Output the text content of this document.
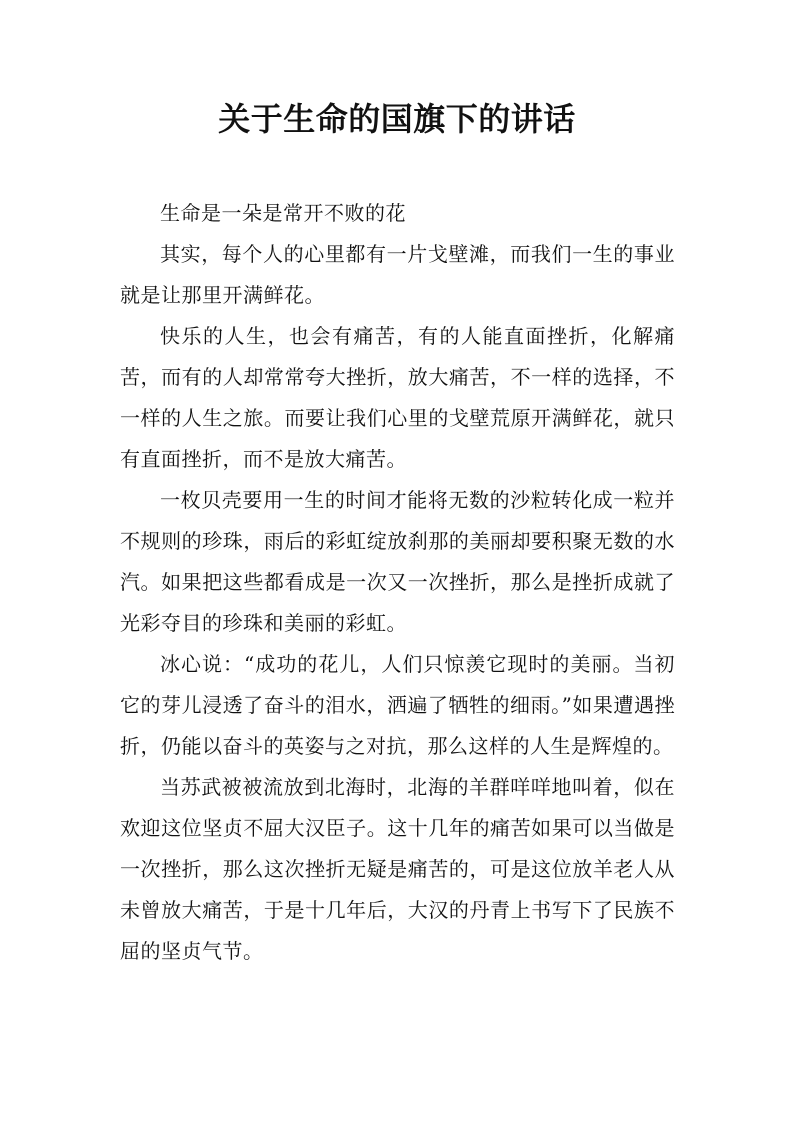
关于生命的国旗下的讲话

生命是一朵是常开不败的花

其实，每个人的心里都有一片戈壁滩，而我们一生的事业就是让那里开满鲜花。

快乐的人生，也会有痛苦，有的人能直面挫折，化解痛苦，而有的人却常常夸大挫折，放大痛苦，不一样的选择，不一样的人生之旅。而要让我们心里的戈壁荒原开满鲜花，就只有直面挫折，而不是放大痛苦。

一枚贝壳要用一生的时间才能将无数的沙粒转化成一粒并不规则的珍珠，雨后的彩虹绽放刹那的美丽却要积聚无数的水汽。如果把这些都看成是一次又一次挫折，那么是挫折成就了光彩夺目的珍珠和美丽的彩虹。

冰心说：“成功的花儿，人们只惊羡它现时的美丽。当初它的芽儿浸透了奋斗的泪水，洒遍了牺牲的细雨。”如果遭遇挫折，仍能以奋斗的英姿与之对抗，那么这样的人生是辉煌的。

当苏武被被流放到北海时，北海的羊群咩咩地叫着，似在欢迎这位坚贞不屈大汉臣子。这十几年的痛苦如果可以当做是一次挫折，那么这次挫折无疑是痛苦的，可是这位放羊老人从未曾放大痛苦，于是十几年后，大汉的丹青上书写下了民族不屈的坚贞气节。
